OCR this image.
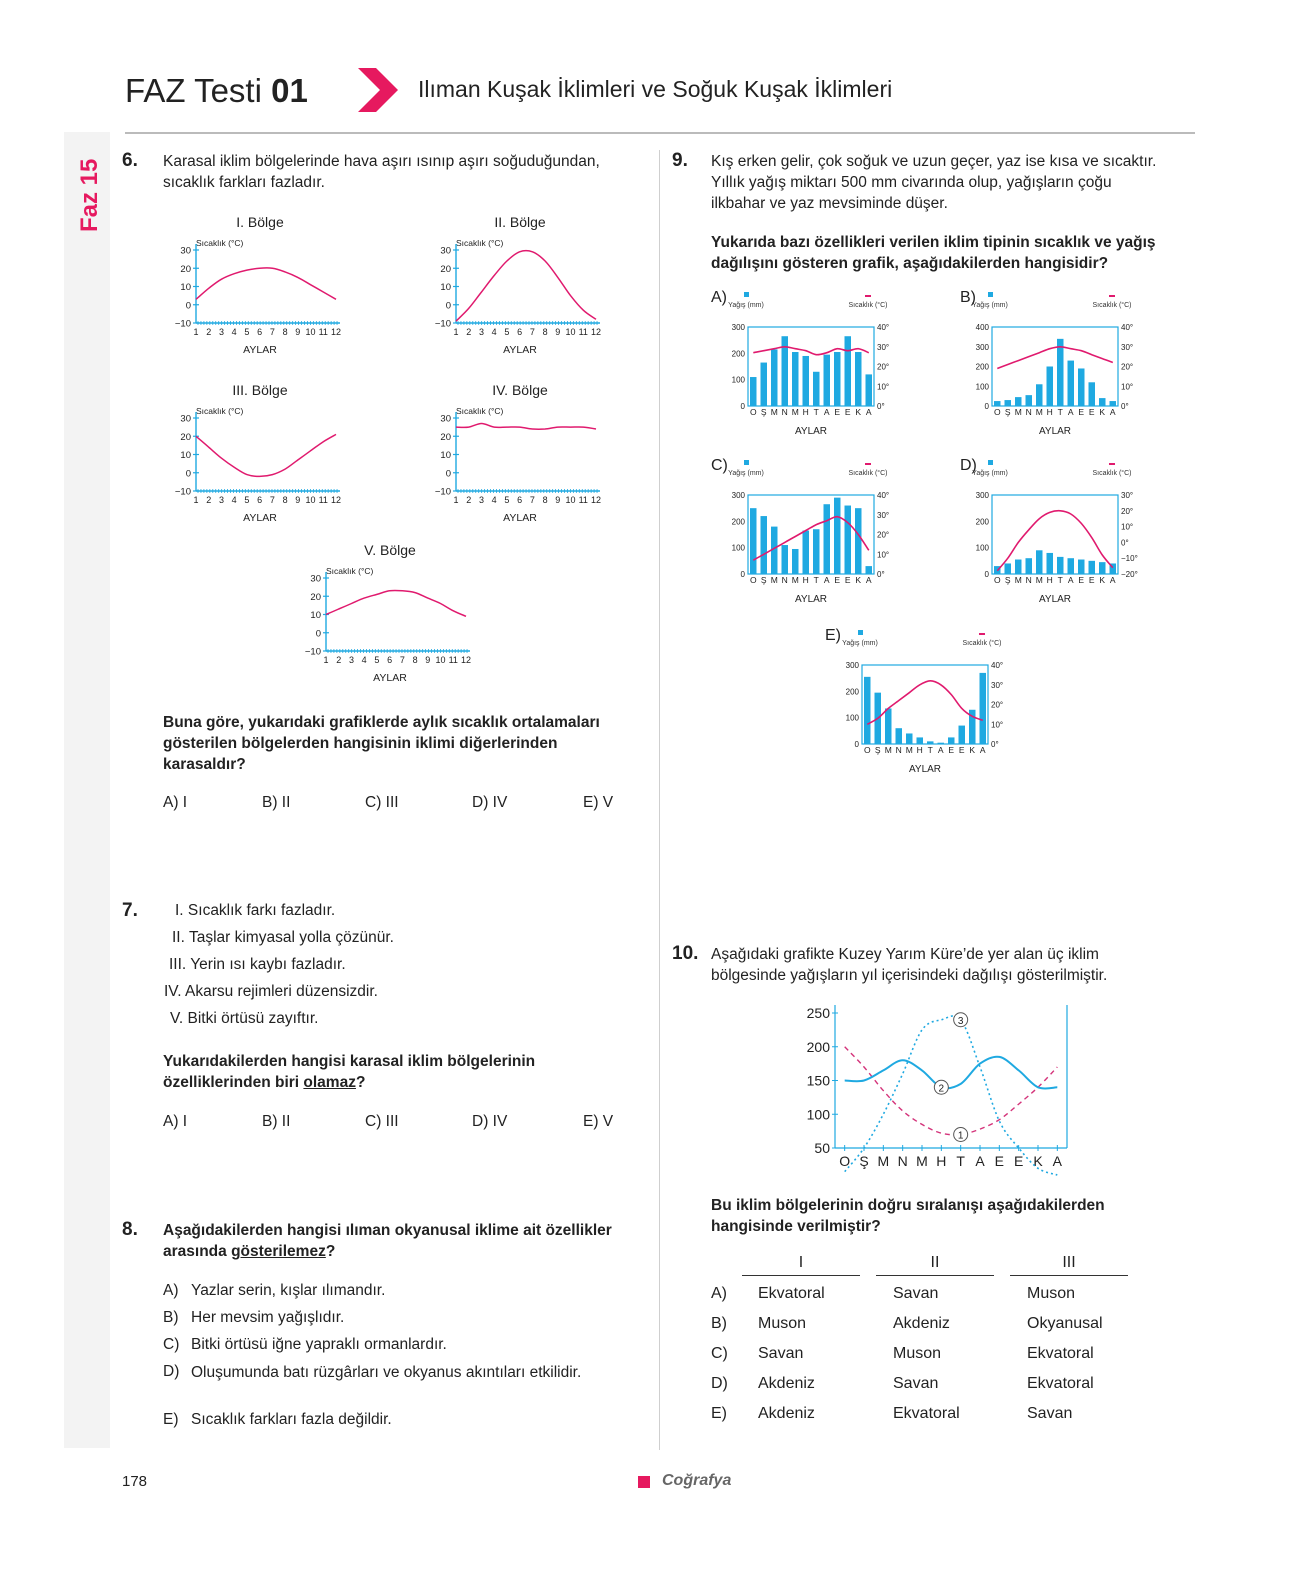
Faz 15
FAZ Testi 01	Ilıman Kuşak İklimleri ve Soğuk Kuşak İklimleri
6. Karasal iklim bölgelerinde hava aşırı ısınıp aşırı soğuduğundan, sıcaklık farkları fazladır.
I. Bölge
Sıcaklık (°C)
−10
0
10
20
30
1 2 3 4 5 6 7 8 9 10 11 12
AYLAR
II. Bölge
Sıcaklık (°C)
−10
0
10
20
30
1 2 3 4 5 6 7 8 9 10 11 12
AYLAR
III. Bölge
Sıcaklık (°C)
−10
0
10
20
30
1 2 3 4 5 6 7 8 9 10 11 12
AYLAR
IV. Bölge
Sıcaklık (°C)
−10
0
10
20
30
1 2 3 4 5 6 7 8 9 10 11 12
AYLAR
V. Bölge
Sıcaklık (°C)
−10
0
10
20
30
1 2 3 4 5 6 7 8 9 10 11 12
AYLAR
Buna göre, yukarıdaki grafiklerde aylık sıcaklık ortalamaları gösterilen bölgelerden hangisinin iklimi diğerlerinden karasaldır?
A) I	B) II	C) III	D) IV	E) V
7. I. Sıcaklık farkı fazladır.
II. Taşlar kimyasal yolla çözünür.
III. Yerin ısı kaybı fazladır.
IV. Akarsu rejimleri düzensizdir.
V. Bitki örtüsü zayıftır.
Yukarıdakilerden hangisi karasal iklim bölgelerinin özelliklerinden biri olamaz?
A) I	B) II	C) III	D) IV	E) V
8. Aşağıdakilerden hangisi ılıman okyanusal iklime ait özellikler arasında gösterilemez?
A) Yazlar serin, kışlar ılımandır.
B) Her mevsim yağışlıdır.
C) Bitki örtüsü iğne yapraklı ormanlardır.
D) Oluşumunda batı rüzgârları ve okyanus akıntıları etkilidir.
E) Sıcaklık farkları fazla değildir.
9. Kış erken gelir, çok soğuk ve uzun geçer, yaz ise kısa ve sıcaktır. Yıllık yağış miktarı 500 mm civarında olup, yağışların çoğu ilkbahar ve yaz mevsiminde düşer.
Yukarıda bazı özellikleri verilen iklim tipinin sıcaklık ve yağış dağılışını gösteren grafik, aşağıdakilerden hangisidir?
A) Yağış (mm)	Sıcaklık (°C)
300
200
100
0
40°
30°
20°
10°
0°
O Ş M N M H T A E E K A
AYLAR
B)
C) Yağış (mm)	Sıcaklık (°C)
300
200
100
0
40°
30°
20°
10°
0°
O Ş M N M H T A E E K A
AYLAR
D)
Yağış (mm)	Sıcaklık (°C)
300
200
100
0
30°
20°
10°
0°
−10°
−20°
O Ş M N M H T A E E K A
AYLAR
Yağış (mm)	Sıcaklık (°C)
400
300
200
100
0
40°
30°
20°
10°
0°
O Ş M N M H T A E E K A
AYLAR
E) Yağış (mm)	Sıcaklık (°C)
300
200
100
0
40°
30°
20°
10°
0°
O Ş M N M H T A E E K A
AYLAR
10. Aşağıdaki grafikte Kuzey Yarım Küre’de yer alan üç iklim bölgesinde yağışların yıl içerisindeki dağılışı gösterilmiştir.
250
200
150
100
50
O Ş M N M H T A E E K A
1
2
3
Bu iklim bölgelerinin doğru sıralanışı aşağıdakilerden hangisinde verilmiştir?
I	II	III
A)	Ekvatoral	Savan	Muson
B)	Muson	Akdeniz	Okyanusal
C)	Savan	Muson	Ekvatoral
D)	Akdeniz	Savan	Ekvatoral
E)	Akdeniz	Ekvatoral	Savan
178	Coğrafya
